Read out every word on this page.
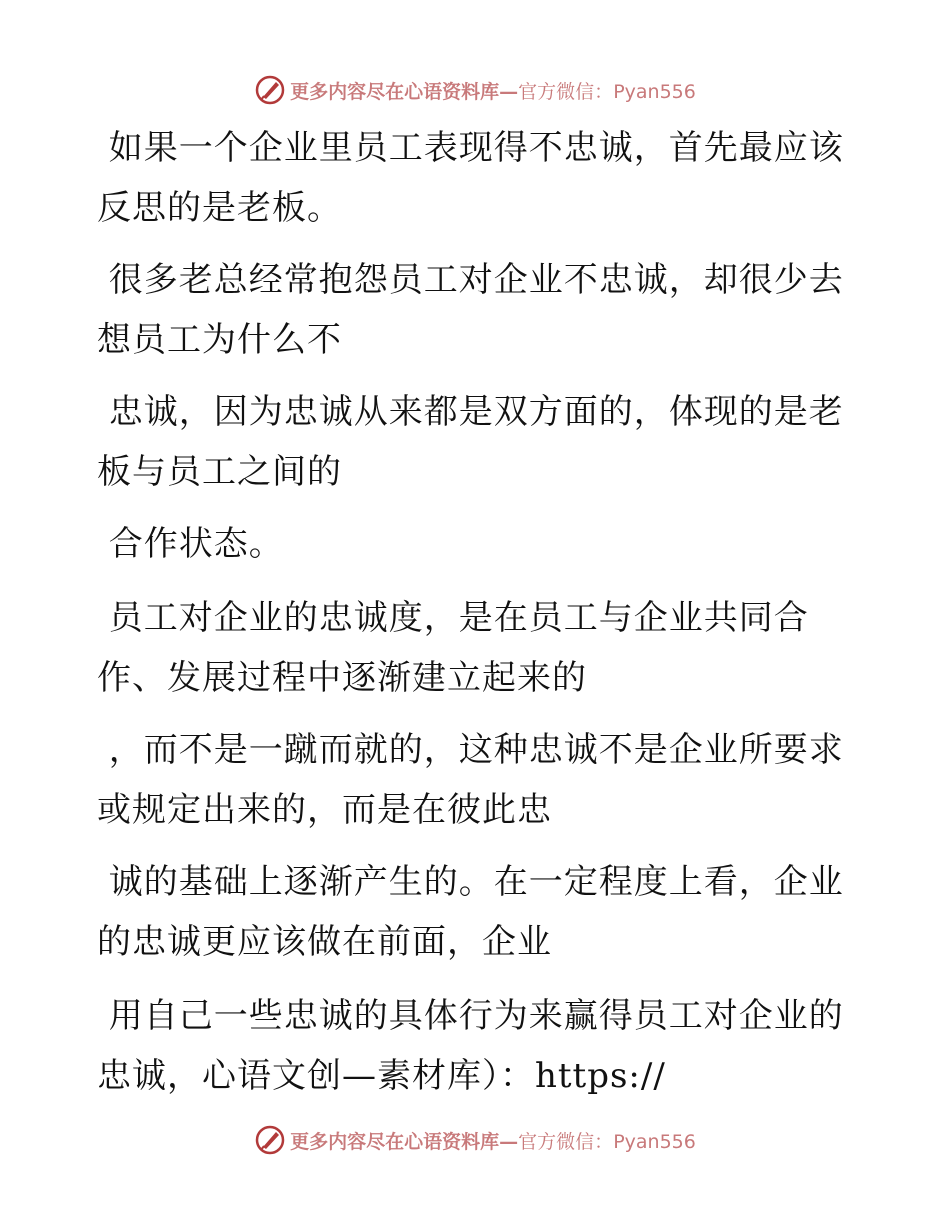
更多内容尽在心语资料库—官方微信：Pyan556
如果一个企业里员工表现得不忠诚，首先最应该
反思的是老板。
很多老总经常抱怨员工对企业不忠诚，却很少去
想员工为什么不
忠诚，因为忠诚从来都是双方面的，体现的是老
板与员工之间的
合作状态。
员工对企业的忠诚度，是在员工与企业共同合
作、发展过程中逐渐建立起来的
，而不是一蹴而就的，这种忠诚不是企业所要求
或规定出来的，而是在彼此忠
诚的基础上逐渐产生的。在一定程度上看，企业
的忠诚更应该做在前面，企业
用自己一些忠诚的具体行为来赢得员工对企业的
忠诚，心语文创—素材库）：https://
更多内容尽在心语资料库—官方微信：Pyan556
